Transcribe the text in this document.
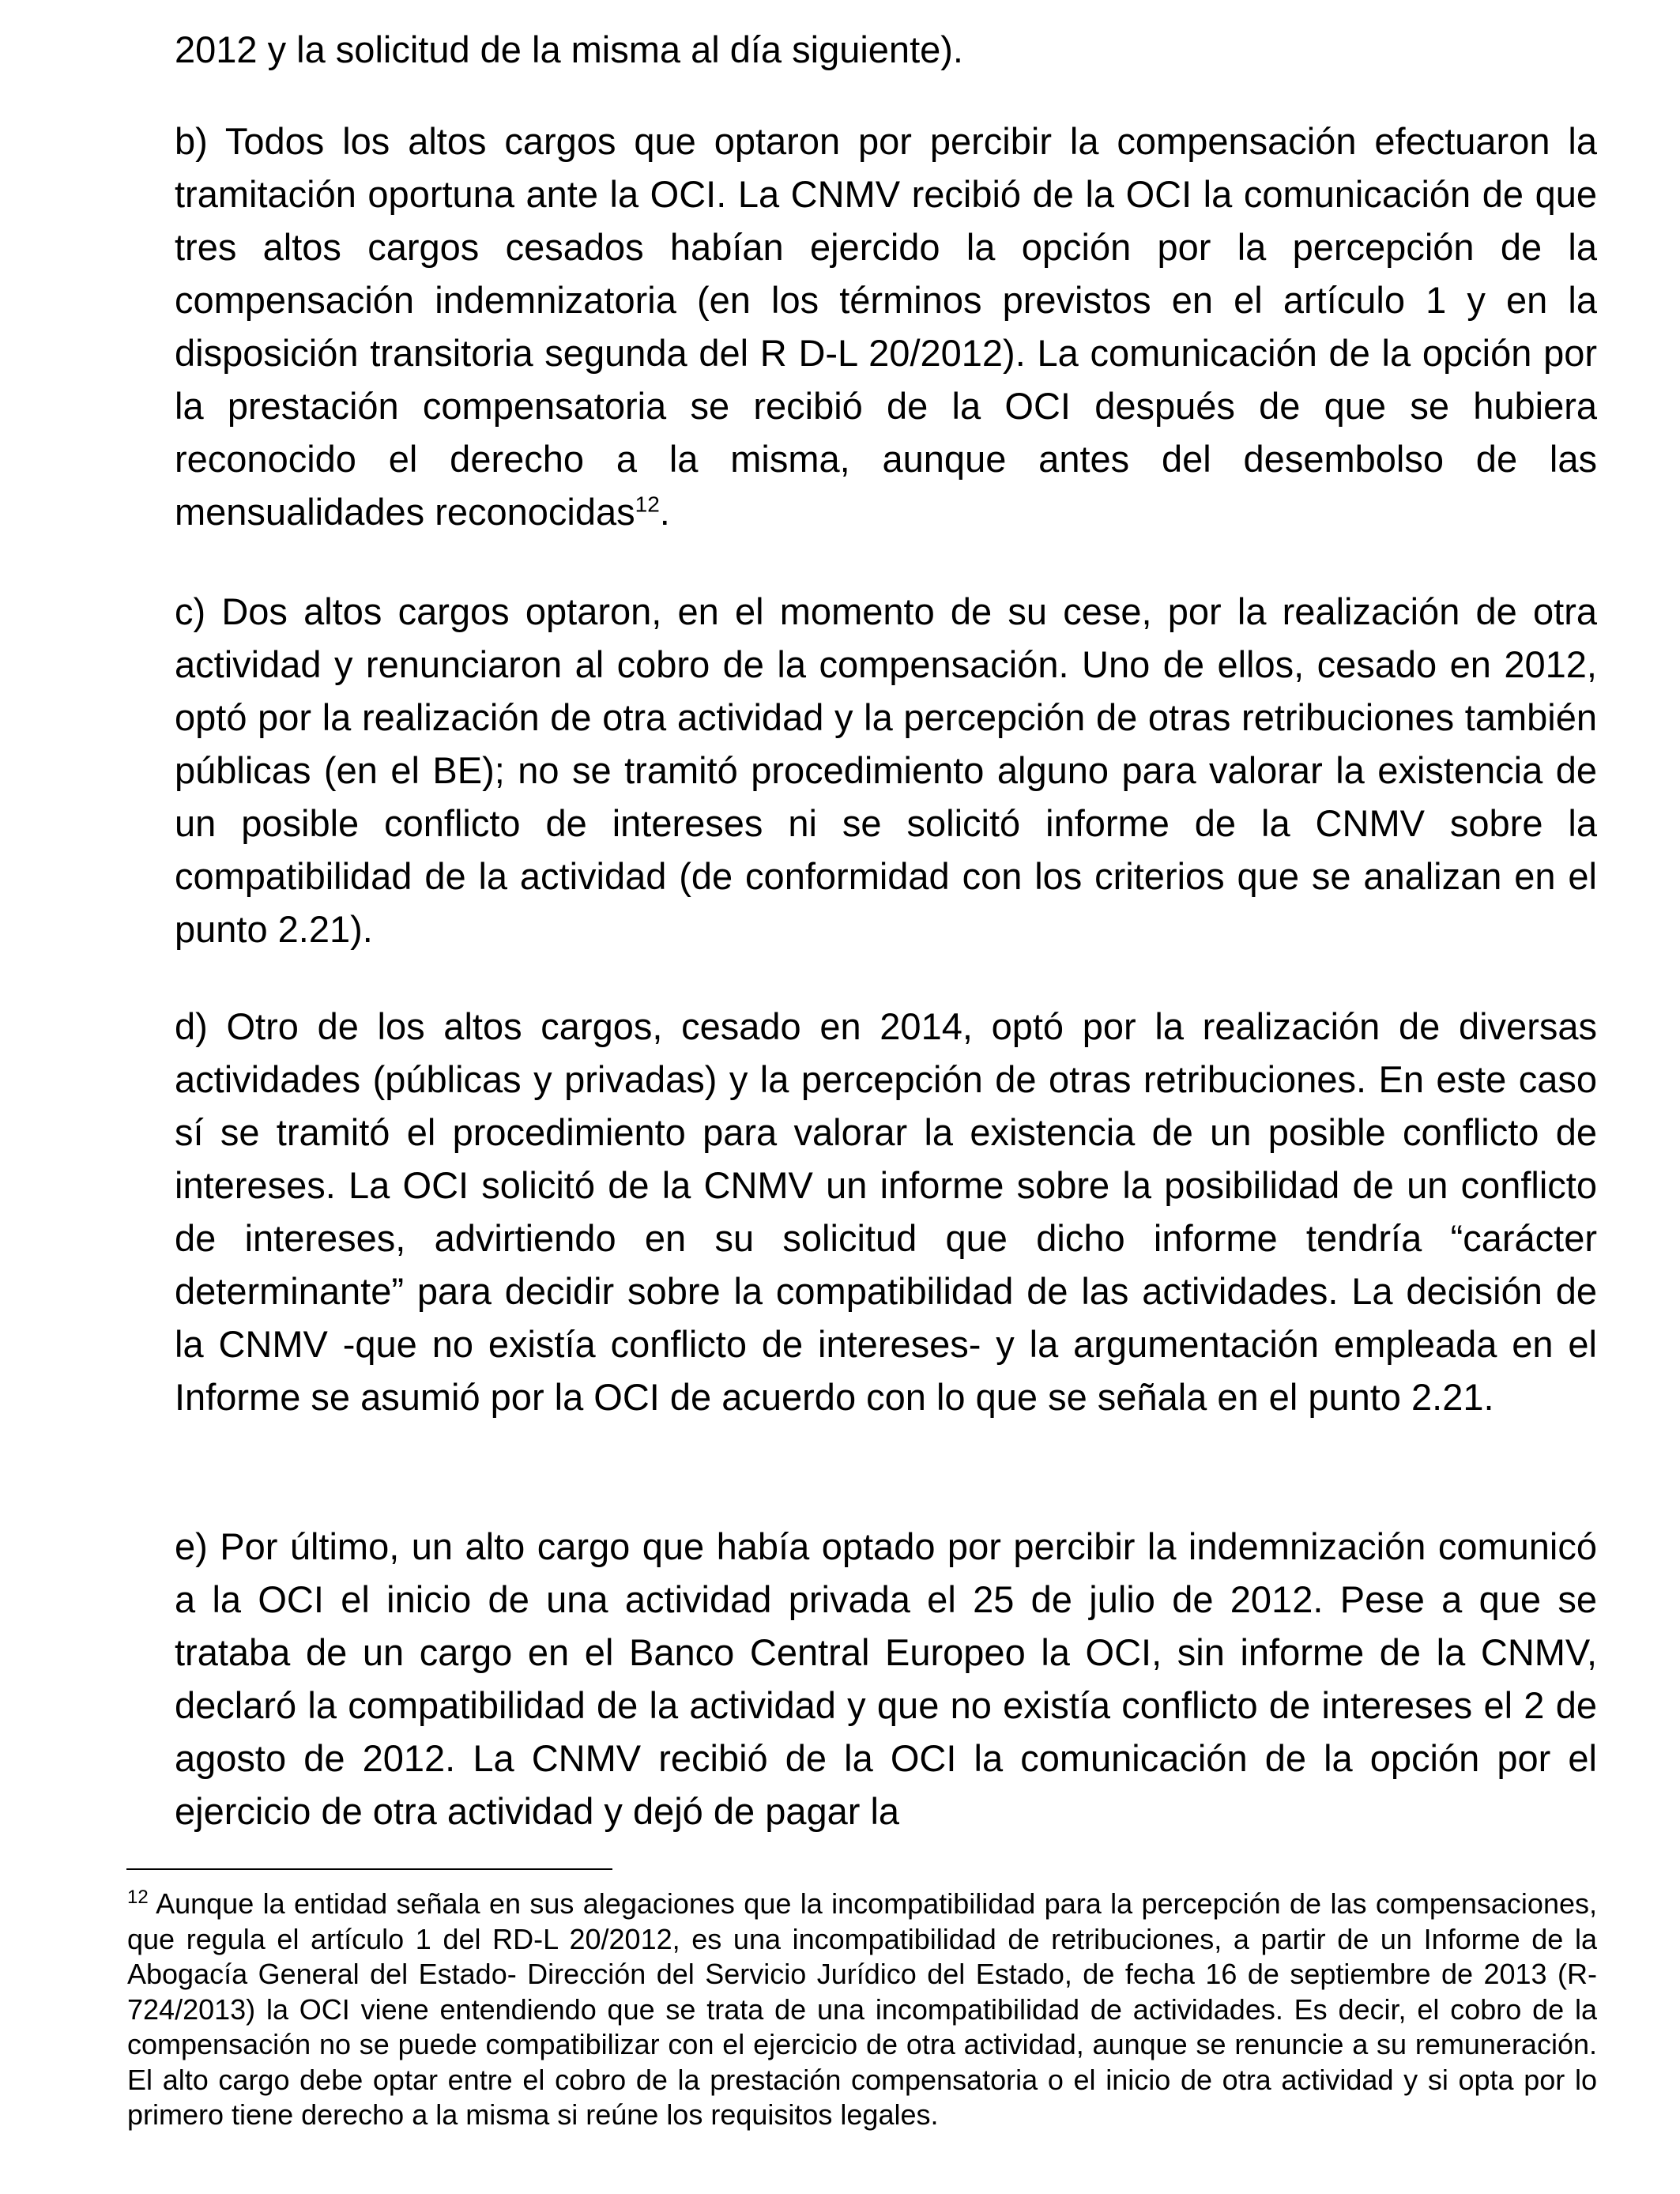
2012 y la solicitud de la misma al día siguiente).

b) Todos los altos cargos que optaron por percibir la compensación efectuaron la tramitación oportuna ante la OCI. La CNMV recibió de la OCI la comunicación de que tres altos cargos cesados habían ejercido la opción por la percepción de la compensación indemnizatoria (en los términos previstos en el artículo 1 y en la disposición transitoria segunda del R D-L 20/2012). La comunicación de la opción por la prestación compensatoria se recibió de la OCI después de que se hubiera reconocido el derecho a la misma, aunque antes del desembolso de las mensualidades reconocidas$^{12}$.

c) Dos altos cargos optaron, en el momento de su cese, por la realización de otra actividad y renunciaron al cobro de la compensación. Uno de ellos, cesado en 2012, optó por la realización de otra actividad y la percepción de otras retribuciones también públicas (en el BE); no se tramitó procedimiento alguno para valorar la existencia de un posible conflicto de intereses ni se solicitó informe de la CNMV sobre la compatibilidad de la actividad (de conformidad con los criterios que se analizan en el punto 2.21).

d) Otro de los altos cargos, cesado en 2014, optó por la realización de diversas actividades (públicas y privadas) y la percepción de otras retribuciones. En este caso sí se tramitó el procedimiento para valorar la existencia de un posible conflicto de intereses. La OCI solicitó de la CNMV un informe sobre la posibilidad de un conflicto de intereses, advirtiendo en su solicitud que dicho informe tendría “carácter determinante” para decidir sobre la compatibilidad de las actividades. La decisión de la CNMV -que no existía conflicto de intereses- y la argumentación empleada en el Informe se asumió por la OCI de acuerdo con lo que se señala en el punto 2.21.

e) Por último, un alto cargo que había optado por percibir la indemnización comunicó a la OCI el inicio de una actividad privada el 25 de julio de 2012. Pese a que se trataba de un cargo en el Banco Central Europeo la OCI, sin informe de la CNMV, declaró la compatibilidad de la actividad y que no existía conflicto de intereses el 2 de agosto de 2012. La CNMV recibió de la OCI la comunicación de la opción por el ejercicio de otra actividad y dejó de pagar la

$^{12}$ Aunque la entidad señala en sus alegaciones que la incompatibilidad para la percepción de las compensaciones, que regula el artículo 1 del RD-L 20/2012, es una incompatibilidad de retribuciones, a partir de un Informe de la Abogacía General del Estado- Dirección del Servicio Jurídico del Estado, de fecha 16 de septiembre de 2013 (R-724/2013) la OCI viene entendiendo que se trata de una incompatibilidad de actividades. Es decir, el cobro de la compensación no se puede compatibilizar con el ejercicio de otra actividad, aunque se renuncie a su remuneración. El alto cargo debe optar entre el cobro de la prestación compensatoria o el inicio de otra actividad y si opta por lo primero tiene derecho a la misma si reúne los requisitos legales.
